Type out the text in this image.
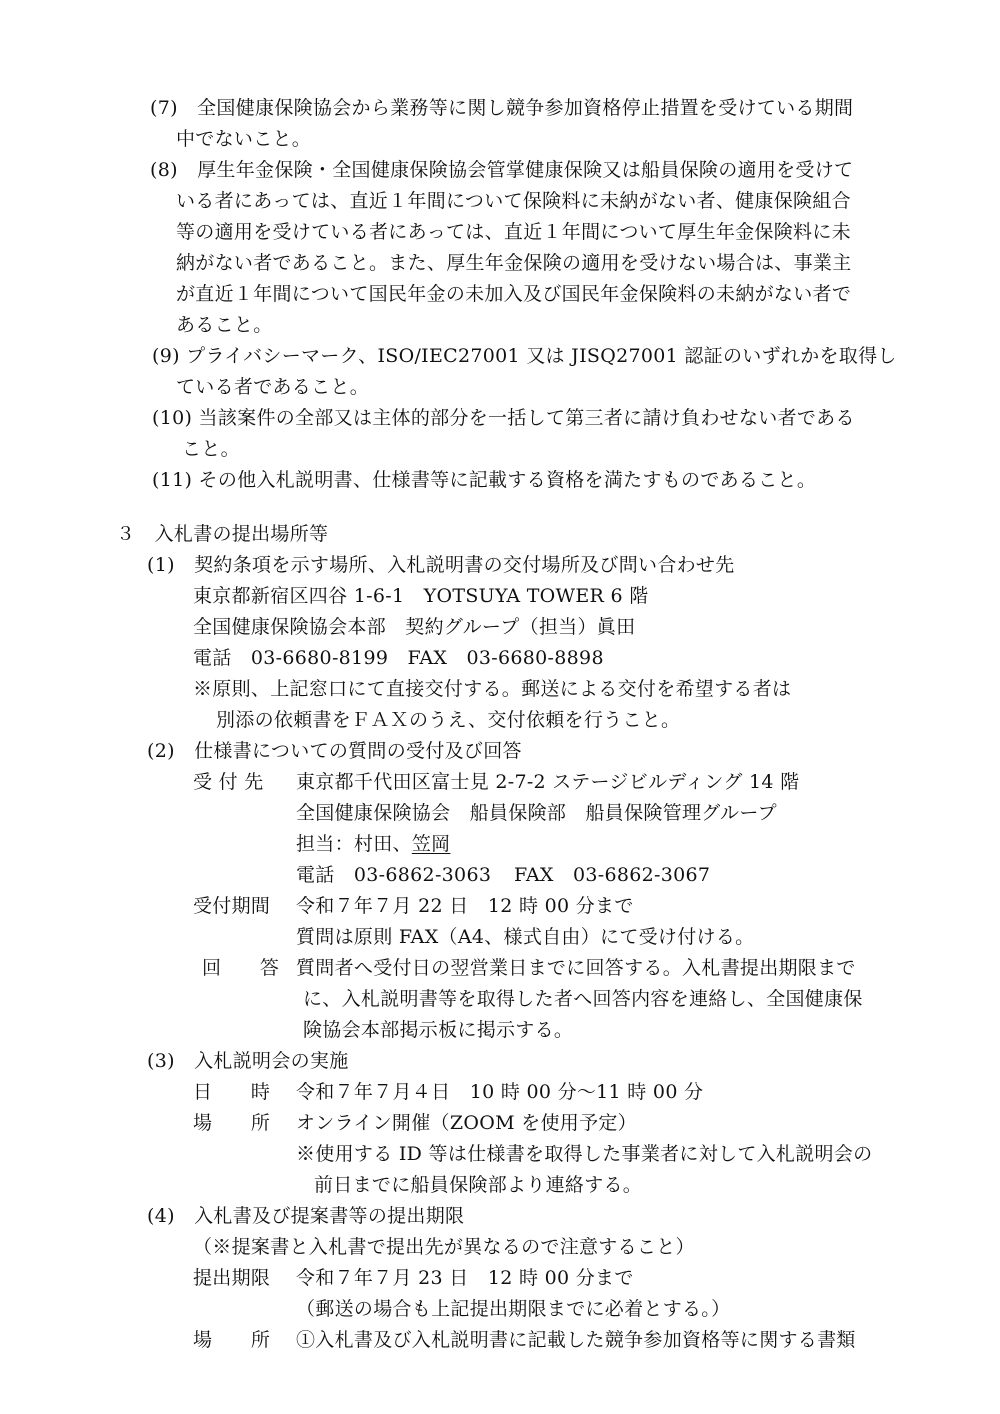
(7)　全国健康保険協会から業務等に関し競争参加資格停止措置を受けている期間
中でないこと。
(8)　厚生年金保険・全国健康保険協会管掌健康保険又は船員保険の適用を受けて
いる者にあっては、直近１年間について保険料に未納がない者、健康保険組合
等の適用を受けている者にあっては、直近１年間について厚生年金保険料に未
納がない者であること。また、厚生年金保険の適用を受けない場合は、事業主
が直近１年間について国民年金の未加入及び国民年金保険料の未納がない者で
あること。
(9) プライバシーマーク、ISO/IEC27001 又は JISQ27001 認証のいずれかを取得し
ている者であること。
(10) 当該案件の全部又は主体的部分を一括して第三者に請け負わせない者である
こと。
(11) その他入札説明書、仕様書等に記載する資格を満たすものであること。
３　入札書の提出場所等
(1)　契約条項を示す場所、入札説明書の交付場所及び問い合わせ先
東京都新宿区四谷 1-6-1　YOTSUYA TOWER 6 階
全国健康保険協会本部　契約グループ（担当）眞田
電話　03-6680-8199　FAX　03-6680-8898
※原則、上記窓口にて直接交付する。郵送による交付を希望する者は
別添の依頼書をＦＡＸのうえ、交付依頼を行うこと。
(2)　仕様書についての質問の受付及び回答
受 付 先 東京都千代田区富士見 2-7-2 ステージビルディング 14 階
全国健康保険協会　船員保険部　船員保険管理グループ
担当：村田、笠岡
電話　03-6862-3063 FAX　03-6862-3067
受付期間 令和７年７月 22 日　12 時 00 分まで
質問は原則 FAX（A4、様式自由）にて受け付ける。
回　　答 質問者へ受付日の翌営業日までに回答する。入札書提出期限まで
に、入札説明書等を取得した者へ回答内容を連絡し、全国健康保
険協会本部掲示板に掲示する。
(3)　入札説明会の実施
日　　時 令和７年７月４日　10 時 00 分～11 時 00 分
場　　所 オンライン開催（ZOOM を使用予定）
※使用する ID 等は仕様書を取得した事業者に対して入札説明会の
前日までに船員保険部より連絡する。
(4)　入札書及び提案書等の提出期限
（※提案書と入札書で提出先が異なるので注意すること）
提出期限 令和７年７月 23 日　12 時 00 分まで
（郵送の場合も上記提出期限までに必着とする。）
場　　所 ①入札書及び入札説明書に記載した競争参加資格等に関する書類
